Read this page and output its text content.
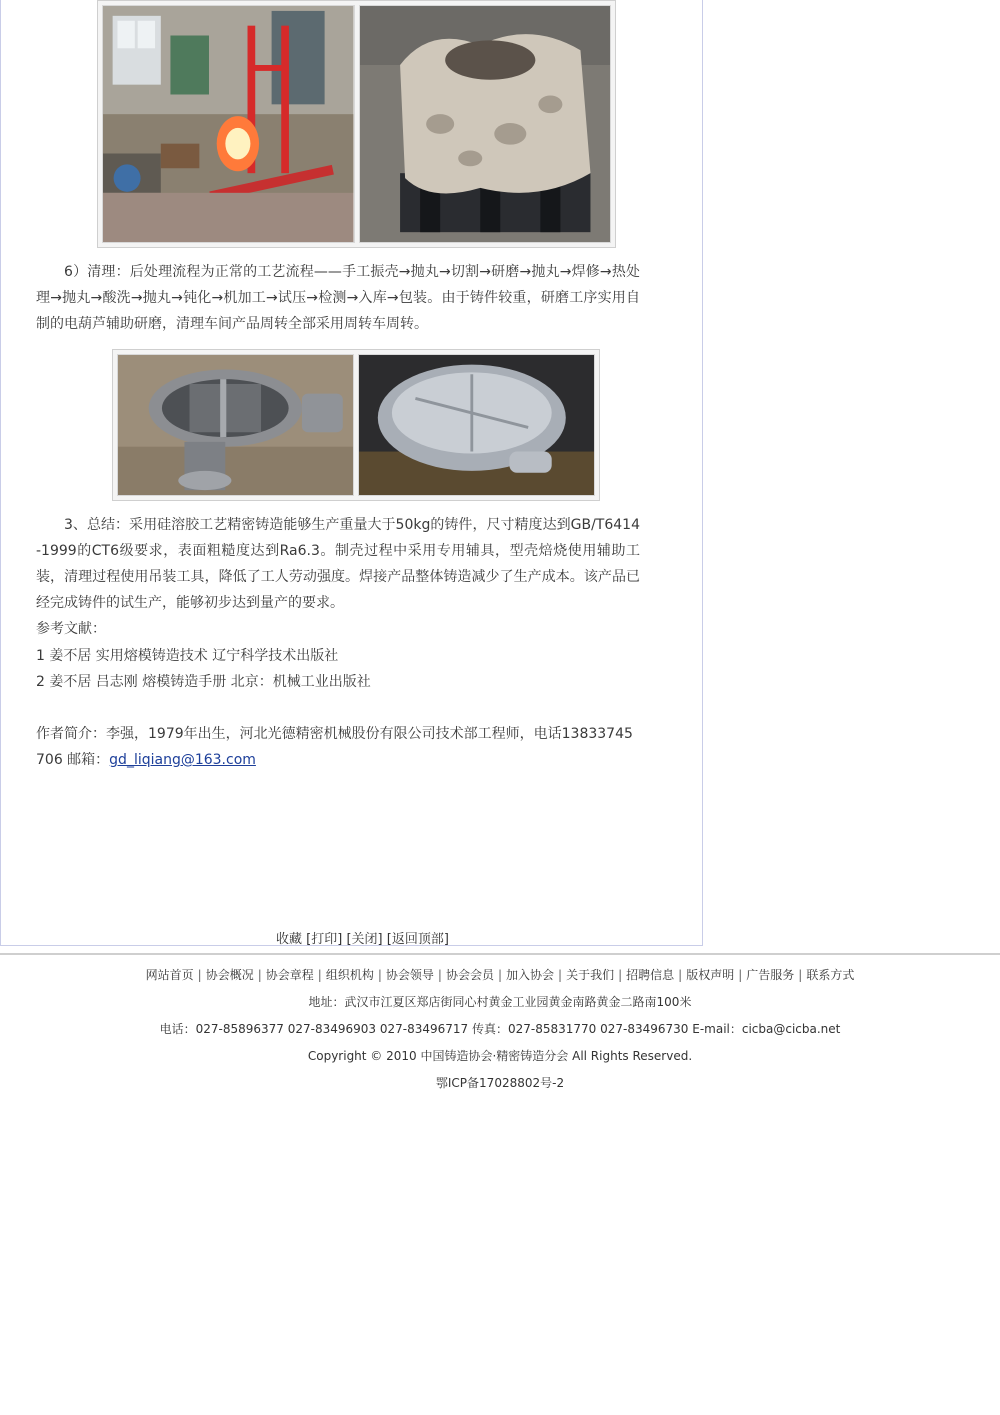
6）清理：后处理流程为正常的工艺流程——手工振壳→抛丸→切割→研磨→抛丸→焊修→热处理→抛丸→酸洗→抛丸→钝化→机加工→试压→检测→入库→包装。由于铸件较重，研磨工序实用自制的电葫芦辅助研磨，清理车间产品周转全部采用周转车周转。

3、总结：采用硅溶胶工艺精密铸造能够生产重量大于50kg的铸件，尺寸精度达到GB/T6414-1999的CT6级要求，表面粗糙度达到Ra6.3。制壳过程中采用专用辅具，型壳焙烧使用辅助工装，清理过程使用吊装工具，降低了工人劳动强度。焊接产品整体铸造减少了生产成本。该产品已经完成铸件的试生产，能够初步达到量产的要求。

参考文献：

1 姜不居 实用熔模铸造技术 辽宁科学技术出版社

2 姜不居 吕志刚 熔模铸造手册 北京：机械工业出版社

作者简介：李强，1979年出生，河北光德精密机械股份有限公司技术部工程师，电话13833745706 邮箱：gd_liqiang@163.com

收藏 [打印] [关闭] [返回顶部]
网站首页 | 协会概况 | 协会章程 | 组织机构 | 协会领导 | 协会会员 | 加入协会 | 关于我们 | 招聘信息 | 版权声明 | 广告服务 | 联系方式
地址：武汉市江夏区郑店街同心村黄金工业园黄金南路黄金二路南100米
电话：027-85896377 027-83496903 027-83496717 传真：027-85831770 027-83496730 E-mail：cicba@cicba.net
Copyright © 2010 中国铸造协会·精密铸造分会 All Rights Reserved.
鄂ICP备17028802号-2
